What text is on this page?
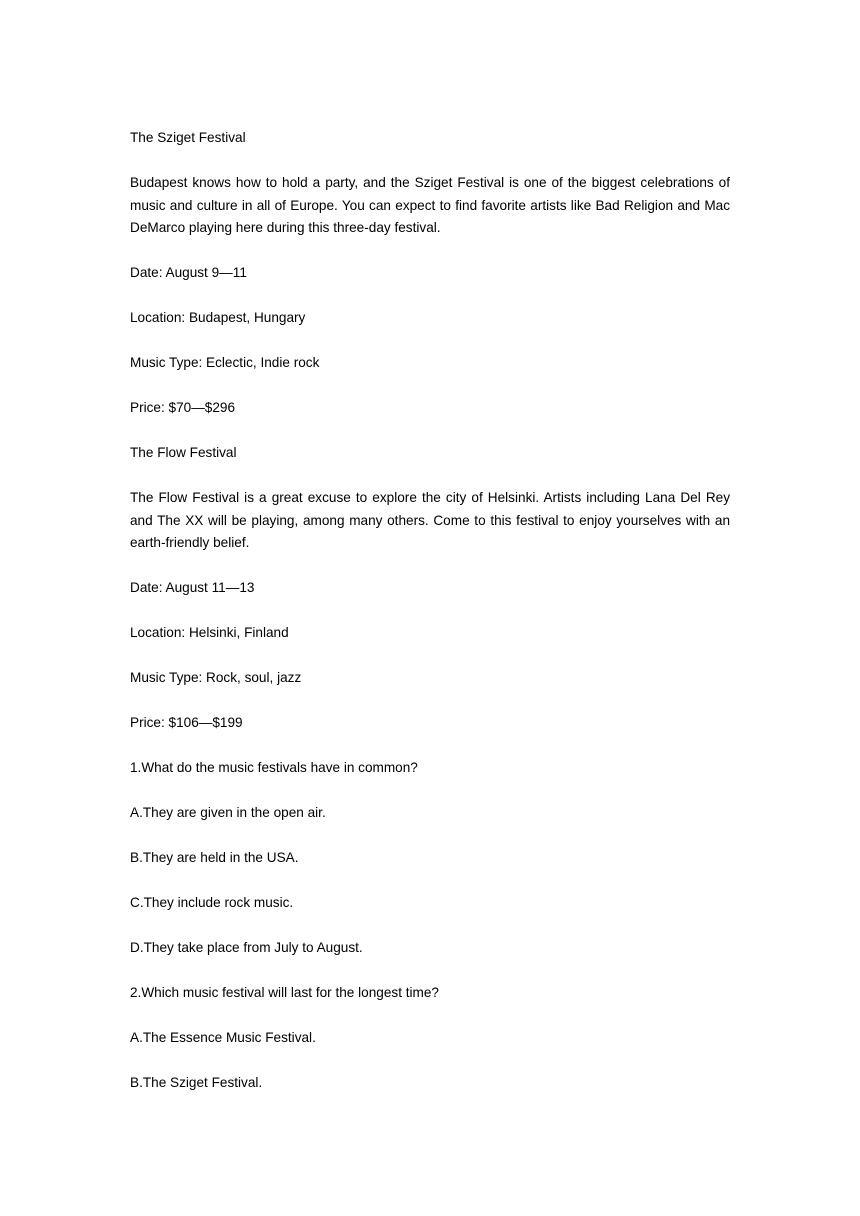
The Sziget Festival

Budapest knows how to hold a party, and the Sziget Festival is one of the biggest celebrations of music and culture in all of Europe. You can expect to find favorite artists like Bad Religion and Mac DeMarco playing here during this three-day festival.

Date: August 9—11

Location: Budapest, Hungary

Music Type: Eclectic, Indie rock

Price: $70—$296

The Flow Festival

The Flow Festival is a great excuse to explore the city of Helsinki. Artists including Lana Del Rey and The XX will be playing, among many others. Come to this festival to enjoy yourselves with an earth-friendly belief.

Date: August 11—13

Location: Helsinki, Finland

Music Type: Rock, soul, jazz

Price: $106—$199

1.What do the music festivals have in common?

A.They are given in the open air.

B.They are held in the USA.

C.They include rock music.

D.They take place from July to August.

2.Which music festival will last for the longest time?

A.The Essence Music Festival.

B.The Sziget Festival.
